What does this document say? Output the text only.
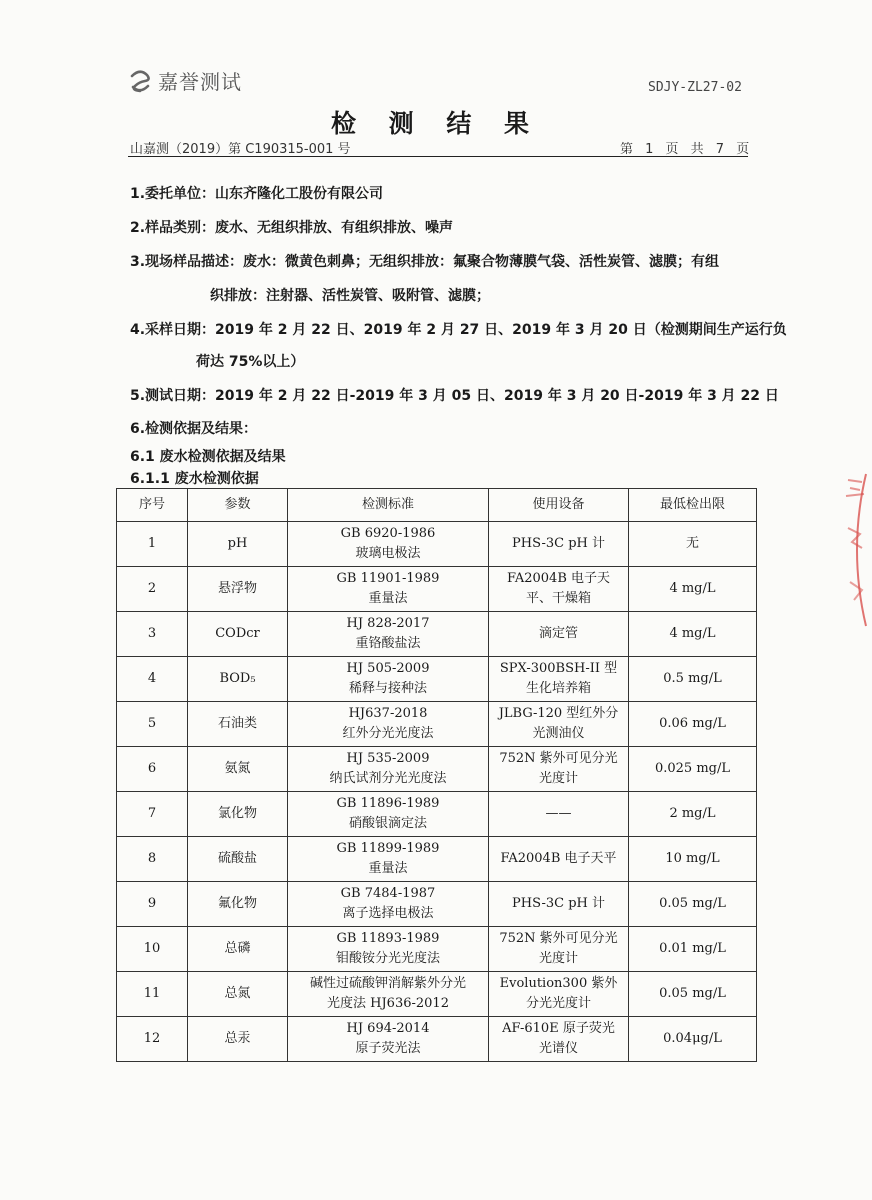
嘉誉测试	SDJY-ZL27-02
检 测 结 果
山嘉测（2019）第 C190315-001 号	第 1 页 共 7 页
1.委托单位：山东齐隆化工股份有限公司
2.样品类别：废水、无组织排放、有组织排放、噪声
3.现场样品描述：废水：微黄色刺鼻；无组织排放：氟聚合物薄膜气袋、活性炭管、滤膜；有组
织排放：注射器、活性炭管、吸附管、滤膜；
4.采样日期：2019 年 2 月 22 日、2019 年 2 月 27 日、2019 年 3 月 20 日（检测期间生产运行负
荷达 75%以上）
5.测试日期：2019 年 2 月 22 日-2019 年 3 月 05 日、2019 年 3 月 20 日-2019 年 3 月 22 日
6.检测依据及结果：
6.1 废水检测依据及结果
6.1.1 废水检测依据
序号	参数	检测标准	使用设备	最低检出限

1	pH	GB 6920-1986
玻璃电极法	PHS-3C pH 计	无

2	悬浮物	GB 11901-1989
重量法	FA2004B 电子天
平、干燥箱	4 mg/L

3	CODcr	HJ 828-2017
重铬酸盐法	滴定管	4 mg/L

4	BOD₅	HJ 505-2009
稀释与接种法	SPX-300BSH-II 型
生化培养箱	0.5 mg/L

5	石油类	HJ637-2018
红外分光光度法	JLBG-120 型红外分
光测油仪	0.06 mg/L

6	氨氮	HJ 535-2009
纳氏试剂分光光度法	752N 紫外可见分光
光度计	0.025 mg/L

7	氯化物	GB 11896-1989
硝酸银滴定法	——	2 mg/L

8	硫酸盐	GB 11899-1989
重量法	FA2004B 电子天平	10 mg/L

9	氟化物	GB 7484-1987
离子选择电极法	PHS-3C pH 计	0.05 mg/L

10	总磷	GB 11893-1989
钼酸铵分光光度法	752N 紫外可见分光
光度计	0.01 mg/L

11	总氮	碱性过硫酸钾消解紫外分光
光度法 HJ636-2012	Evolution300 紫外
分光光度计	0.05 mg/L

12	总汞	HJ 694-2014
原子荧光法	AF-610E 原子荧光
光谱仪	0.04μg/L
